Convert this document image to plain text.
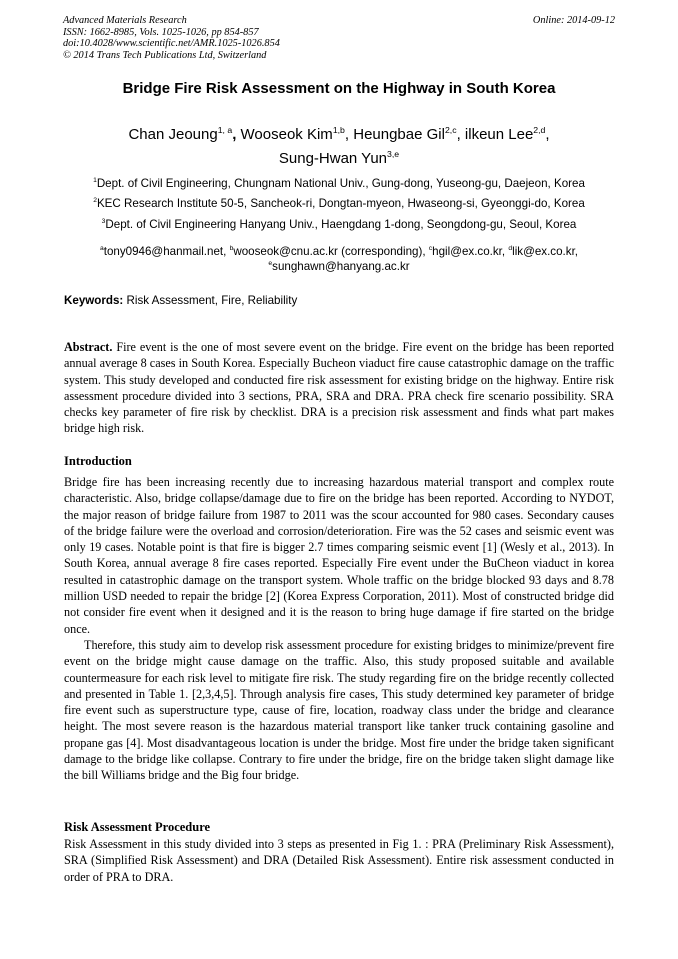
Advanced Materials Research
ISSN: 1662-8985, Vols. 1025-1026, pp 854-857
doi:10.4028/www.scientific.net/AMR.1025-1026.854
© 2014 Trans Tech Publications Ltd, Switzerland
Online: 2014-09-12
Bridge Fire Risk Assessment on the Highway in South Korea
Chan Jeoung$^{1, a}$, Wooseok Kim$^{1,b}$, Heungbae Gil$^{2,c}$, ilkeun Lee$^{2,d}$,
Sung-Hwan Yun$^{3,e}$
$^1$Dept. of Civil Engineering, Chungnam National Univ., Gung-dong, Yuseong-gu, Daejeon, Korea
$^2$KEC Research Institute 50-5, Sancheok-ri, Dongtan-myeon, Hwaseong-si, Gyeonggi-do, Korea
$^3$Dept. of Civil Engineering Hanyang Univ., Haengdang 1-dong, Seongdong-gu, Seoul, Korea
$^a$tony0946@hanmail.net, $^b$wooseok@cnu.ac.kr (corresponding), $^c$hgil@ex.co.kr, $^d$lik@ex.co.kr,
$^e$sunghawn@hanyang.ac.kr
Keywords: Risk Assessment, Fire, Reliability

Abstract. Fire event is the one of most severe event on the bridge. Fire event on the bridge has been reported annual average 8 cases in South Korea. Especially Bucheon viaduct fire cause catastrophic damage on the traffic system. This study developed and conducted fire risk assessment for existing bridge on the highway. Entire risk assessment procedure divided into 3 sections, PRA, SRA and DRA. PRA check fire scenario possibility. SRA checks key parameter of fire risk by checklist. DRA is a precision risk assessment and finds what part makes bridge high risk.

Introduction

Bridge fire has been increasing recently due to increasing hazardous material transport and complex route characteristic. Also, bridge collapse/damage due to fire on the bridge has been reported. According to NYDOT, the major reason of bridge failure from 1987 to 2011 was the scour accounted for 980 cases. Secondary causes of the bridge failure were the overload and corrosion/deterioration. Fire was the 52 cases and seismic event was only 19 cases. Notable point is that fire is bigger 2.7 times comparing seismic event [1] (Wesly et al., 2013). In South Korea, annual average 8 fire cases reported. Especially Fire event under the BuCheon viaduct in korea resulted in catastrophic damage on the transport system. Whole traffic on the bridge blocked 93 days and 8.78 million USD needed to repair the bridge [2] (Korea Express Corporation, 2011). Most of constructed bridge did not consider fire event when it designed and it is the reason to bring huge damage if fire started on the bridge once.

Therefore, this study aim to develop risk assessment procedure for existing bridges to minimize/prevent fire event on the bridge might cause damage on the traffic. Also, this study proposed suitable and available countermeasure for each risk level to mitigate fire risk. The study regarding fire on the bridge recently collected and presented in Table 1. [2,3,4,5]. Through analysis fire cases, This study determined key parameter of bridge fire event such as superstructure type, cause of fire, location, roadway class under the bridge and clearance height. The most severe reason is the hazardous material transport like tanker truck containing gasoline and propane gas [4]. Most disadvantageous location is under the bridge. Most fire under the bridge taken significant damage to the bridge like collapse. Contrary to fire under the bridge, fire on the bridge taken slight damage like the bill Williams bridge and the Big four bridge.

Risk Assessment Procedure

Risk Assessment in this study divided into 3 steps as presented in Fig 1. : PRA (Preliminary Risk Assessment), SRA (Simplified Risk Assessment) and DRA (Detailed Risk Assessment). Entire risk assessment conducted in order of PRA to DRA.
